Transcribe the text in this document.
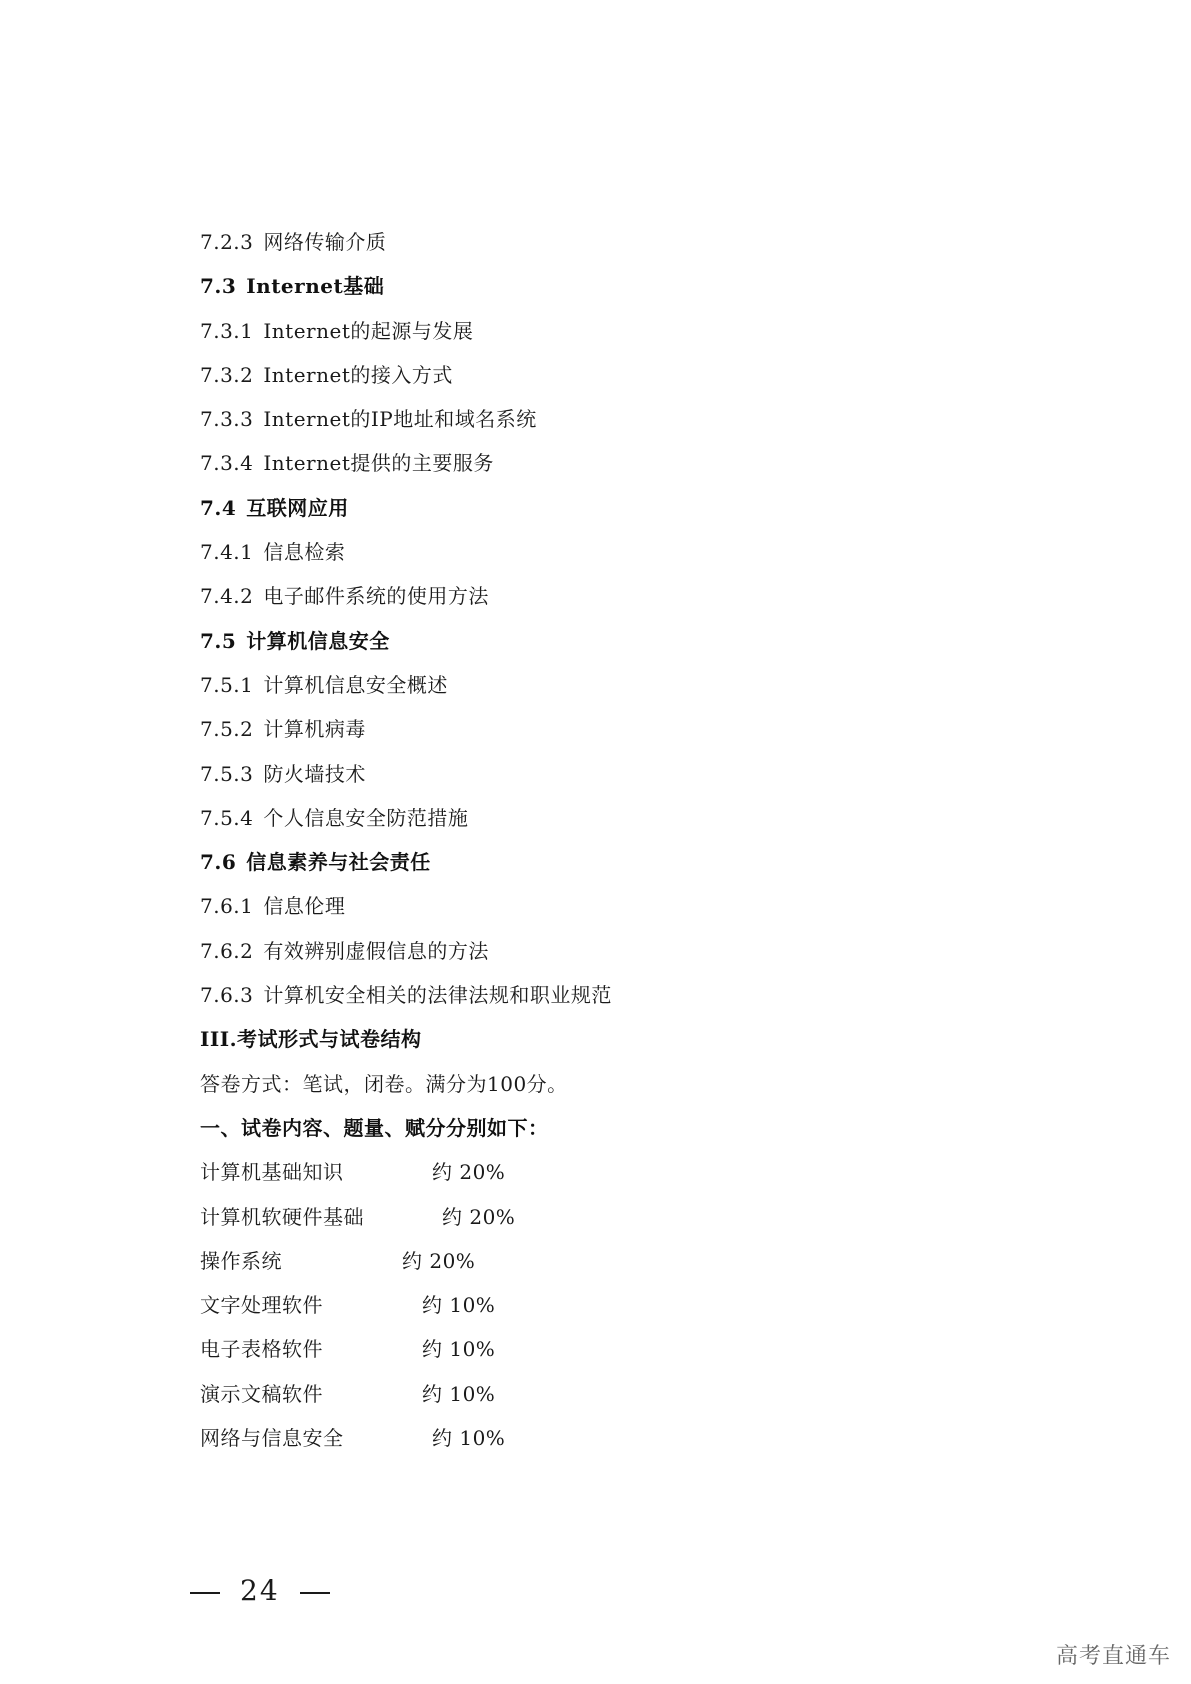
7.2.3 网络传输介质
7.3 Internet基础
7.3.1 Internet的起源与发展
7.3.2 Internet的接入方式
7.3.3 Internet的IP地址和域名系统
7.3.4 Internet提供的主要服务
7.4 互联网应用
7.4.1 信息检索
7.4.2 电子邮件系统的使用方法
7.5 计算机信息安全
7.5.1 计算机信息安全概述
7.5.2 计算机病毒
7.5.3 防火墙技术
7.5.4 个人信息安全防范措施
7.6 信息素养与社会责任
7.6.1 信息伦理
7.6.2 有效辨别虚假信息的方法
7.6.3 计算机安全相关的法律法规和职业规范
III.考试形式与试卷结构
答卷方式：笔试，闭卷。满分为100分。
一、试卷内容、题量、赋分分别如下：
计算机基础知识	约 20%
计算机软硬件基础	约 20%
操作系统	约 20%
文字处理软件	约 10%
电子表格软件	约 10%
演示文稿软件	约 10%
网络与信息安全	约 10%
24
高考直通车
